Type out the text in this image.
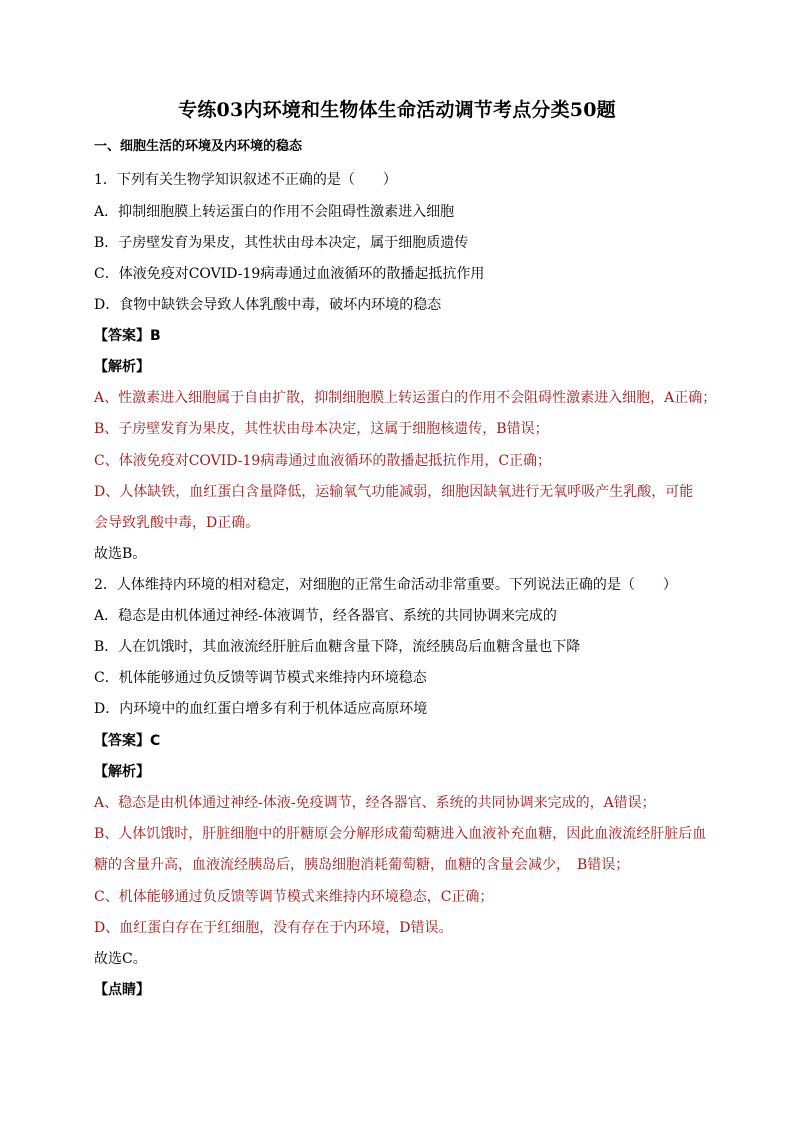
专练03内环境和生物体生命活动调节考点分类50题
一、细胞生活的环境及内环境的稳态
1．下列有关生物学知识叙述不正确的是（　　）
A．抑制细胞膜上转运蛋白的作用不会阻碍性激素进入细胞
B．子房壁发育为果皮，其性状由母本决定，属于细胞质遗传
C．体液免疫对COVID-19病毒通过血液循环的散播起抵抗作用
D．食物中缺铁会导致人体乳酸中毒，破坏内环境的稳态
【答案】B
【解析】
A、性激素进入细胞属于自由扩散，抑制细胞膜上转运蛋白的作用不会阻碍性激素进入细胞，A正确；
B、子房壁发育为果皮，其性状由母本决定，这属于细胞核遗传，B错误；
C、体液免疫对COVID-19病毒通过血液循环的散播起抵抗作用，C正确；
D、人体缺铁，血红蛋白含量降低，运输氧气功能减弱，细胞因缺氧进行无氧呼吸产生乳酸，可能
会导致乳酸中毒，D正确。
故选B。
2．人体维持内环境的相对稳定，对细胞的正常生命活动非常重要。下列说法正确的是（　　）
A．稳态是由机体通过神经-体液调节，经各器官、系统的共同协调来完成的
B．人在饥饿时，其血液流经肝脏后血糖含量下降，流经胰岛后血糖含量也下降
C．机体能够通过负反馈等调节模式来维持内环境稳态
D．内环境中的血红蛋白增多有利于机体适应高原环境
【答案】C
【解析】
A、稳态是由机体通过神经-体液-免疫调节，经各器官、系统的共同协调来完成的，A错误；
B、人体饥饿时，肝脏细胞中的肝糖原会分解形成葡萄糖进入血液补充血糖，因此血液流经肝脏后血
糖的含量升高，血液流经胰岛后，胰岛细胞消耗葡萄糖，血糖的含量会减少，　B错误；
C、机体能够通过负反馈等调节模式来维持内环境稳态，C正确；
D、血红蛋白存在于红细胞，没有存在于内环境，D错误。
故选C。
【点睛】
